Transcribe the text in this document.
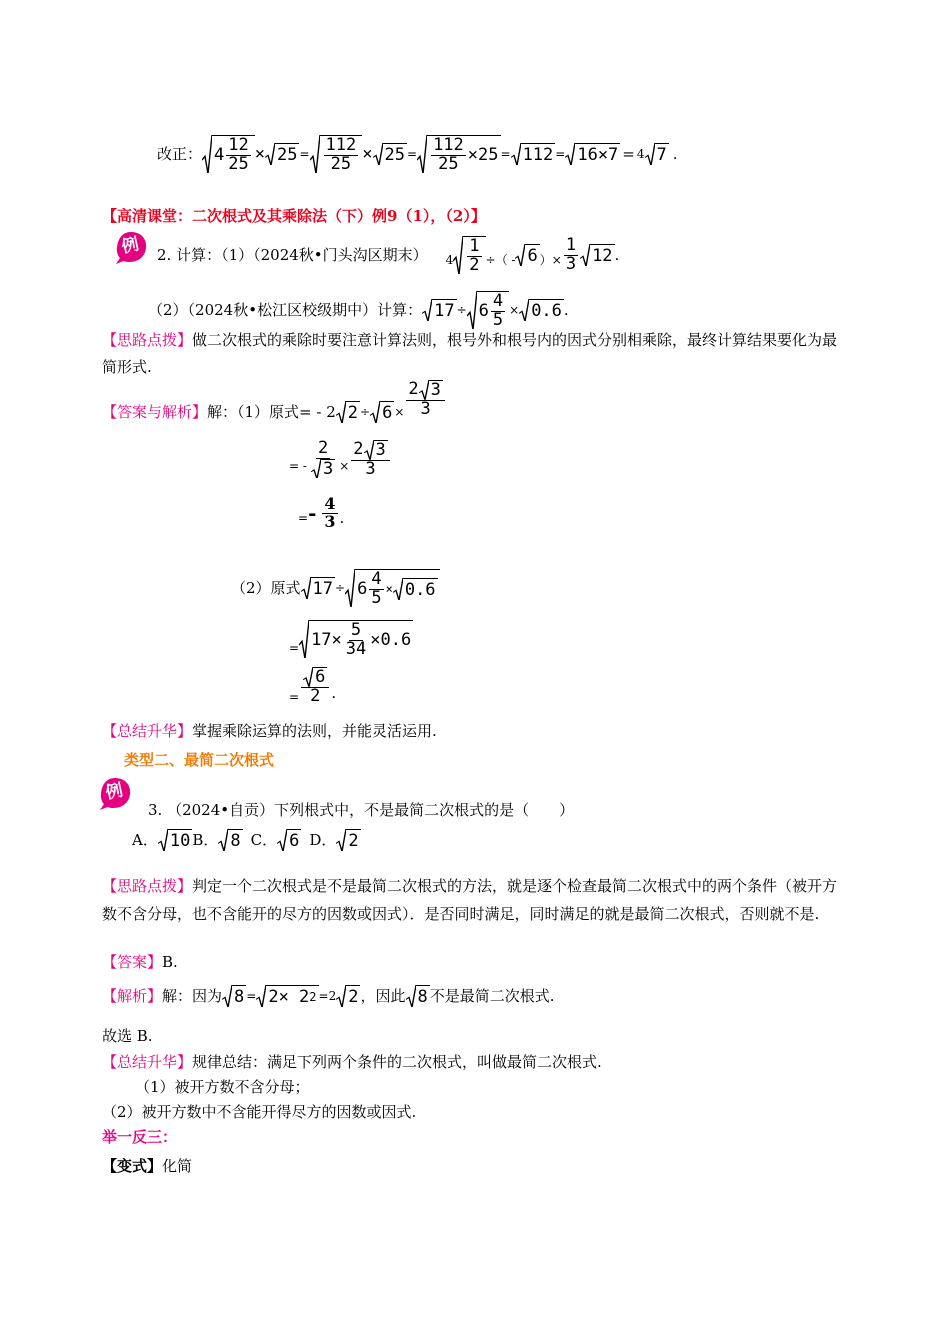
改正： $4 \frac{12}{25} \times 25 = \frac{112}{25} \times 25 = \frac{112}{25} \times 25 = 112 = 16\times 7 = 4$ 7 .
【高清课堂：二次根式及其乘除法（下）例9（1），（2）】
例 2. 计算：（1）（2024秋•门头沟区期末） $4 \frac{1}{2}$ ÷ （ - 6 ） × $\frac{1}{3} 12$ .
（2）（2024秋•松江区校级期中）计算： $17 \div 6 \frac{4}{5} \times 0.6$ .
【思路点拨】做二次根式的乘除时要注意计算法则，根号外和根号内的因式分别相乘除，最终计算结果要化为最简形式.
【答案与解析】 解：（1）原式= - 2 $2 \div 6 \times \frac{2 3}{3}$
= - $\frac{2}{3} \times \frac{2 3}{3}$
= - $\frac{4}{3}$ .
（2）原式 $17 \div 6 \frac{4}{5} \times 0.6$
= $17\times \frac{5}{34} \times 0.6$
= $\frac{6}{2}$ .
【总结升华】掌握乘除运算的法则，并能灵活运用.
类型二、最简二次根式
例
3. （2024•自贡）下列根式中，不是最简二次根式的是（　　）
A． 10 B． 8 C． 6 D． 2
【思路点拨】判定一个二次根式是不是最简二次根式的方法，就是逐个检查最简二次根式中的两个条件（被开方数不含分母，也不含能开的尽方的因数或因式）．是否同时满足，同时满足的就是最简二次根式，否则就不是.
【答案】B.
【解析】 解：因为 8 = 2× 2 2 =2 2 ，因此 8 不是最简二次根式.
故选 B.
【总结升华】规律总结：满足下列两个条件的二次根式，叫做最简二次根式.
（1）被开方数不含分母；
（2）被开方数中不含能开得尽方的因数或因式.
举一反三：
【变式】化简
